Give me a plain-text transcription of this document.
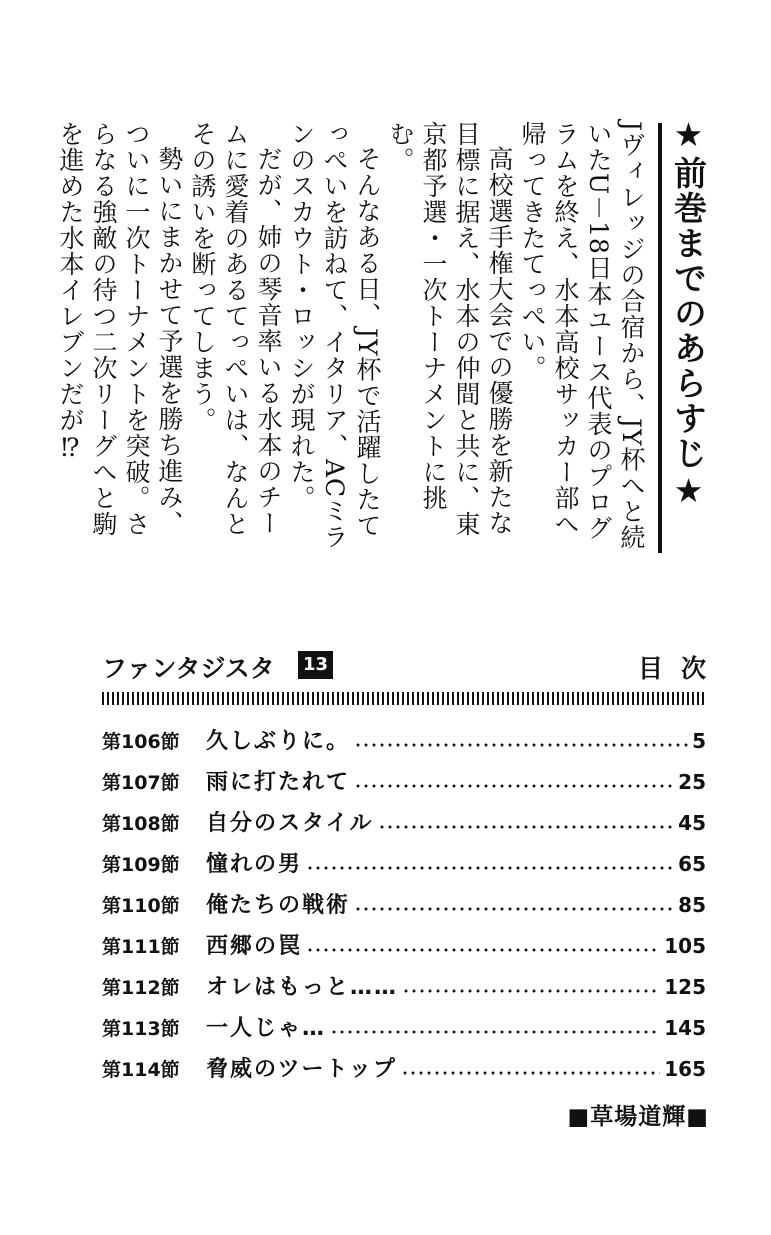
★前巻までのあらすじ★

Jヴィレッジの合宿から、JY杯へと続いたU－18日本ユース代表のプログラムを終え、水本高校サッカー部へ帰ってきたてっぺい。

高校選手権大会での優勝を新たな目標に据え、水本の仲間と共に、東京都予選・一次トーナメントに挑む。

そんなある日、JY杯で活躍したてっぺいを訪ねて、イタリア、ACミランのスカウト・ロッシが現れた。

だが、姉の琴音率いる水本のチームに愛着のあるてっぺいは、なんとその誘いを断ってしまう。

勢いにまかせて予選を勝ち進み、ついに一次トーナメントを突破。さらなる強敵の待つ二次リーグへと駒を進めた水本イレブンだが⁉

ファンタジスタ 13	目次
第106節	久しぶりに。	5
第107節	雨に打たれて	25
第108節	自分のスタイル	45
第109節	憧れの男	65
第110節	俺たちの戦術	85
第111節	西郷の罠	105
第112節	オレはもっと……	125
第113節	一人じゃ…	145
第114節	脅威のツートップ	165
■草場道輝■
